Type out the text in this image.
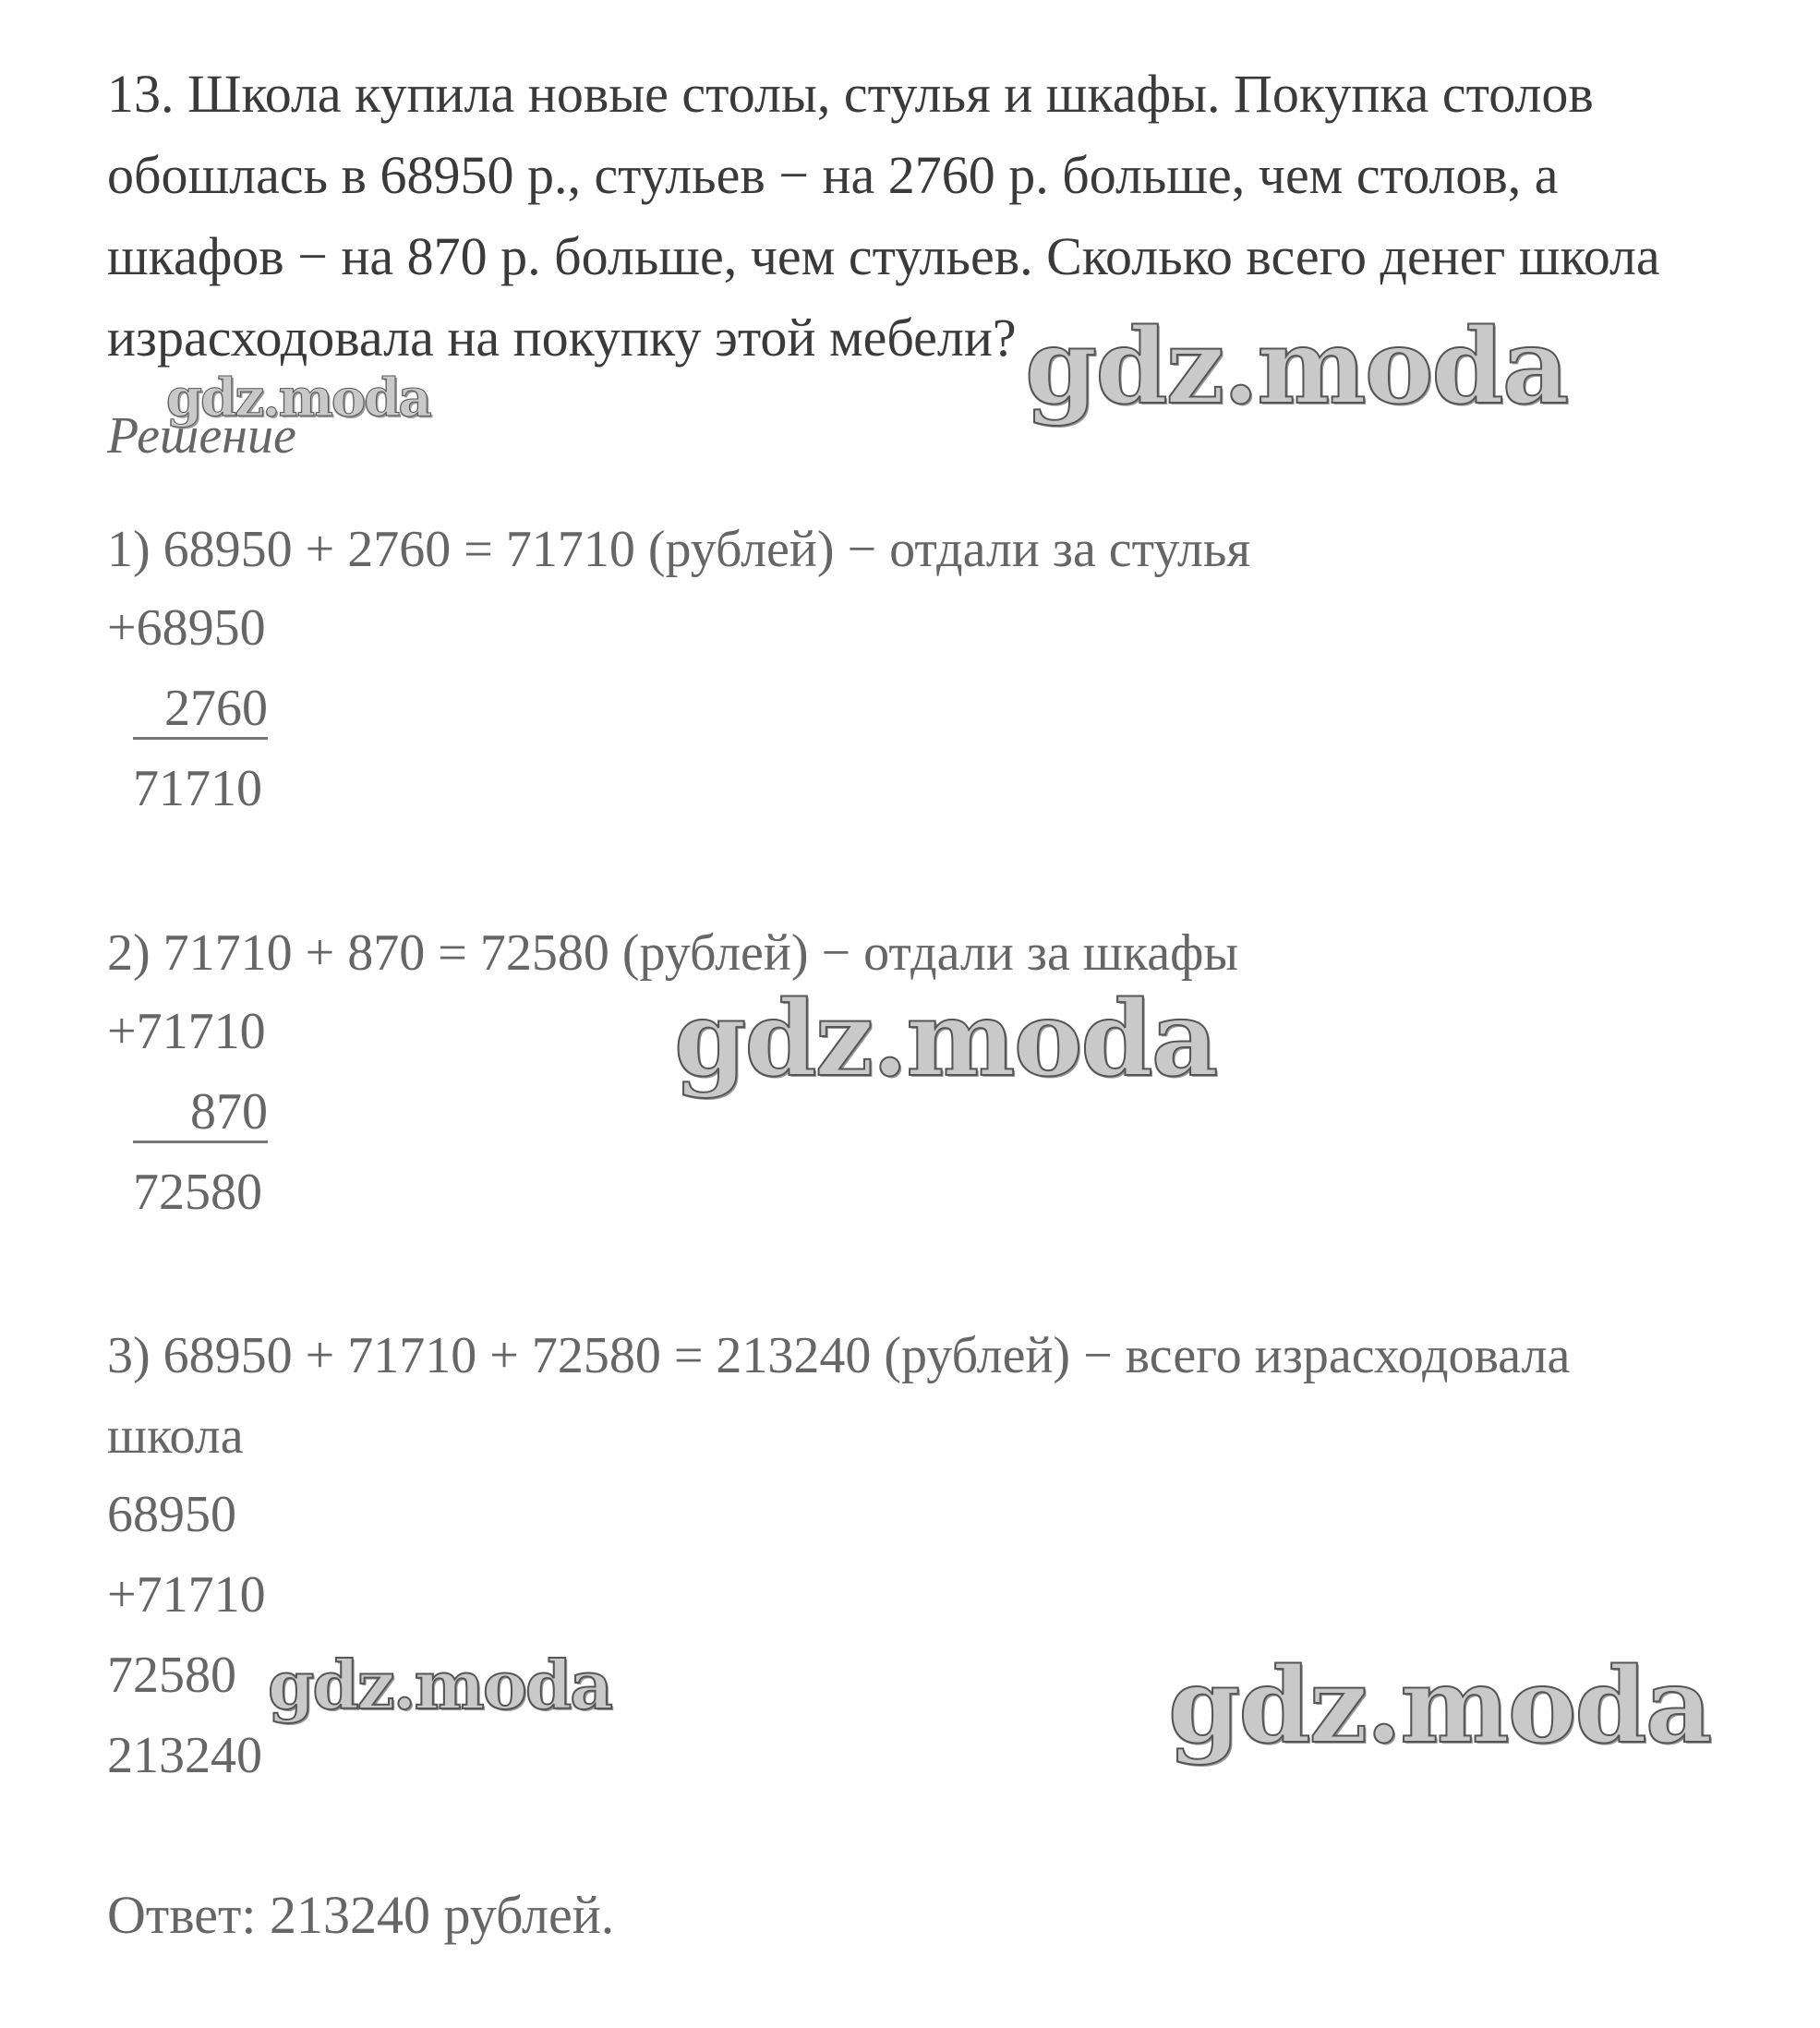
13. Школа купила новые столы, стулья и шкафы. Покупка столов
обошлась в 68950 р., стульев − на 2760 р. больше, чем столов, а
шкафов − на 870 р. больше, чем стульев. Сколько всего денег школа
израсходовала на покупку этой мебели?
Решение
1) 68950 + 2760 = 71710 (рублей) − отдали за стулья
+68950
2760
71710
2) 71710 + 870 = 72580 (рублей) − отдали за шкафы
+71710
870
72580
3) 68950 + 71710 + 72580 = 213240 (рублей) − всего израсходовала
школа
68950
+71710
72580
213240
Ответ: 213240 рублей.
gdz.moda	gdz.moda
gdz.moda
gdz.moda	gdz.moda
